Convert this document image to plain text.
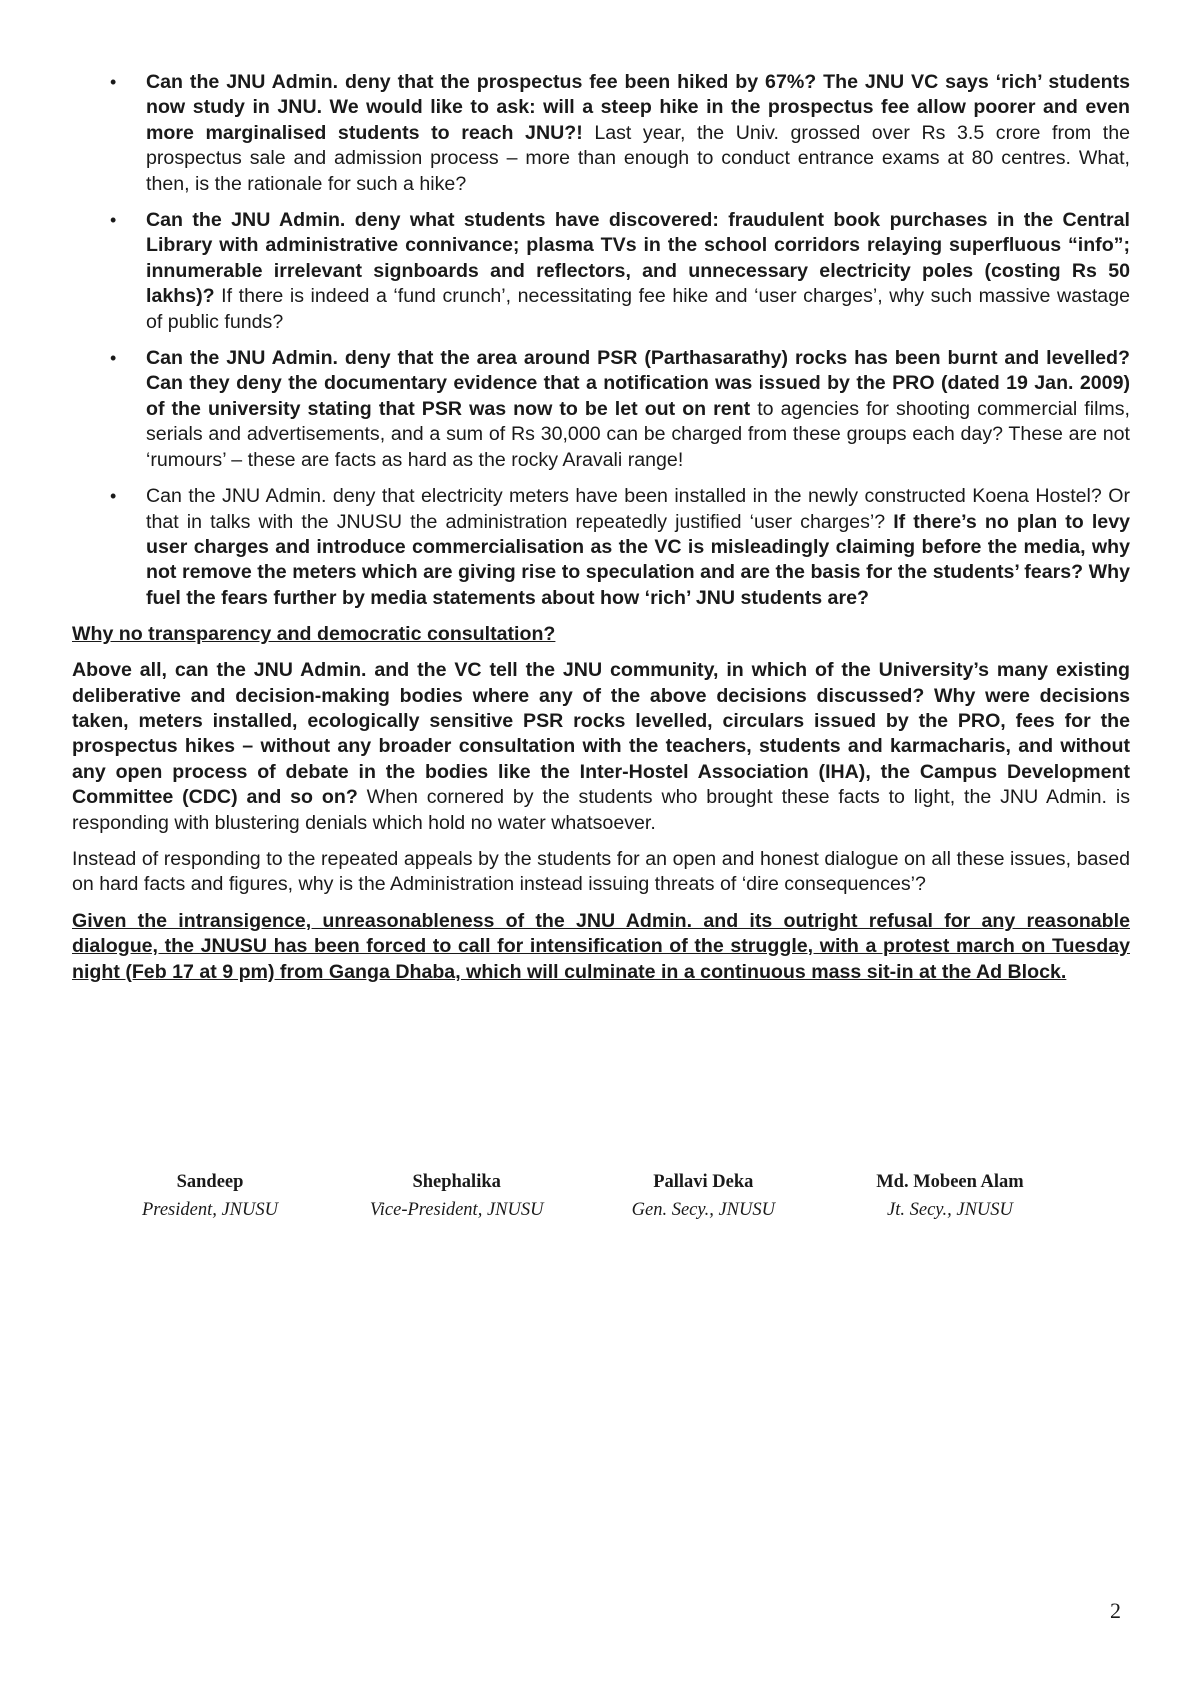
• Can the JNU Admin. deny that the prospectus fee been hiked by 67%? The JNU VC says ‘rich’ students now study in JNU. We would like to ask: will a steep hike in the prospectus fee allow poorer and even more marginalised students to reach JNU?! Last year, the Univ. grossed over Rs 3.5 crore from the prospectus sale and admission process – more than enough to conduct entrance exams at 80 centres. What, then, is the rationale for such a hike?
• Can the JNU Admin. deny what students have discovered: fraudulent book purchases in the Central Library with administrative connivance; plasma TVs in the school corridors relaying superfluous “info”; innumerable irrelevant signboards and reflectors, and unnecessary electricity poles (costing Rs 50 lakhs)? If there is indeed a ‘fund crunch’, necessitating fee hike and ‘user charges’, why such massive wastage of public funds?
• Can the JNU Admin. deny that the area around PSR (Parthasarathy) rocks has been burnt and levelled? Can they deny the documentary evidence that a notification was issued by the PRO (dated 19 Jan. 2009) of the university stating that PSR was now to be let out on rent to agencies for shooting commercial films, serials and advertisements, and a sum of Rs 30,000 can be charged from these groups each day? These are not ‘rumours’ – these are facts as hard as the rocky Aravali range!
• Can the JNU Admin. deny that electricity meters have been installed in the newly constructed Koena Hostel? Or that in talks with the JNUSU the administration repeatedly justified ‘user charges’? If there’s no plan to levy user charges and introduce commercialisation as the VC is misleadingly claiming before the media, why not remove the meters which are giving rise to speculation and are the basis for the students’ fears? Why fuel the fears further by media statements about how ‘rich’ JNU students are?
Why no transparency and democratic consultation?

Above all, can the JNU Admin. and the VC tell the JNU community, in which of the University’s many existing deliberative and decision-making bodies where any of the above decisions discussed? Why were decisions taken, meters installed, ecologically sensitive PSR rocks levelled, circulars issued by the PRO, fees for the prospectus hikes – without any broader consultation with the teachers, students and karmacharis, and without any open process of debate in the bodies like the Inter-Hostel Association (IHA), the Campus Development Committee (CDC) and so on? When cornered by the students who brought these facts to light, the JNU Admin. is responding with blustering denials which hold no water whatsoever.

Instead of responding to the repeated appeals by the students for an open and honest dialogue on all these issues, based on hard facts and figures, why is the Administration instead issuing threats of ‘dire consequences’?

Given the intransigence, unreasonableness of the JNU Admin. and its outright refusal for any reasonable dialogue, the JNUSU has been forced to call for intensification of the struggle, with a protest march on Tuesday night (Feb 17 at 9 pm) from Ganga Dhaba, which will culminate in a continuous mass sit-in at the Ad Block.

Sandeep
President, JNUSU
Shephalika
Vice-President, JNUSU
Pallavi Deka
Gen. Secy., JNUSU
Md. Mobeen Alam
Jt. Secy., JNUSU
2
